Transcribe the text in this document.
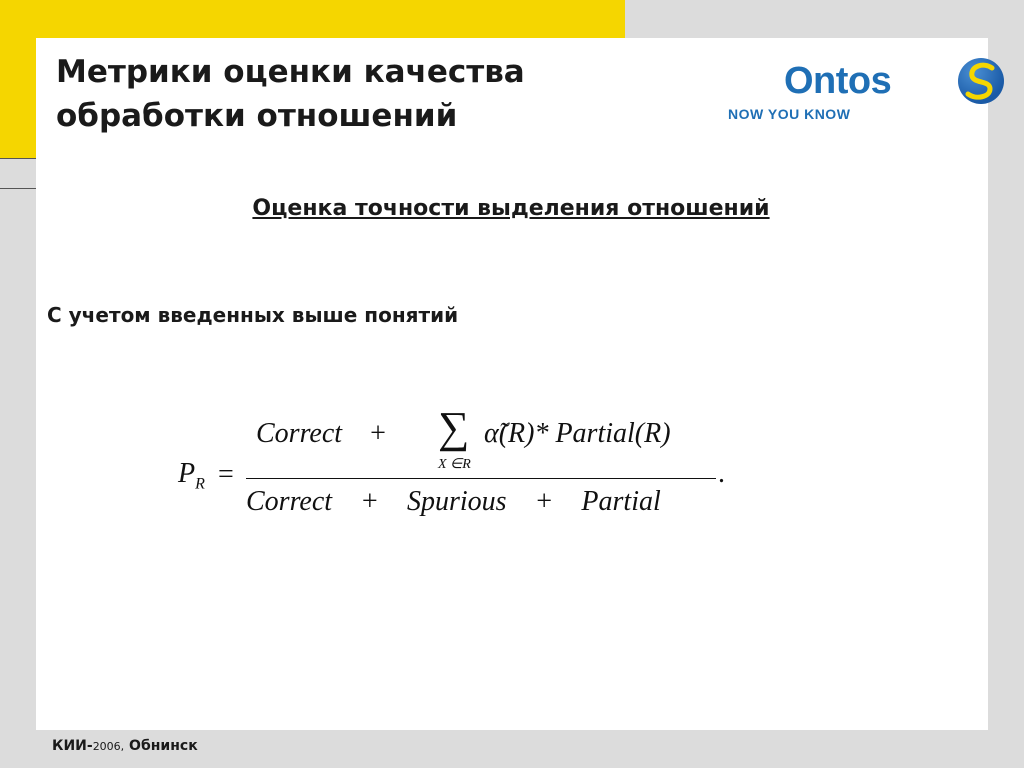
Метрики оценки качества
обработки отношений
Ontos
NOW YOU KNOW
Оценка точности выделения отношений
С учетом введенных выше понятий
$P_R$ =
Correct + ∑
X ∈R
α̃(R)* Partial(R)
Correct    +    Spurious    +    Partial
.
КИИ-2006, Обнинск
